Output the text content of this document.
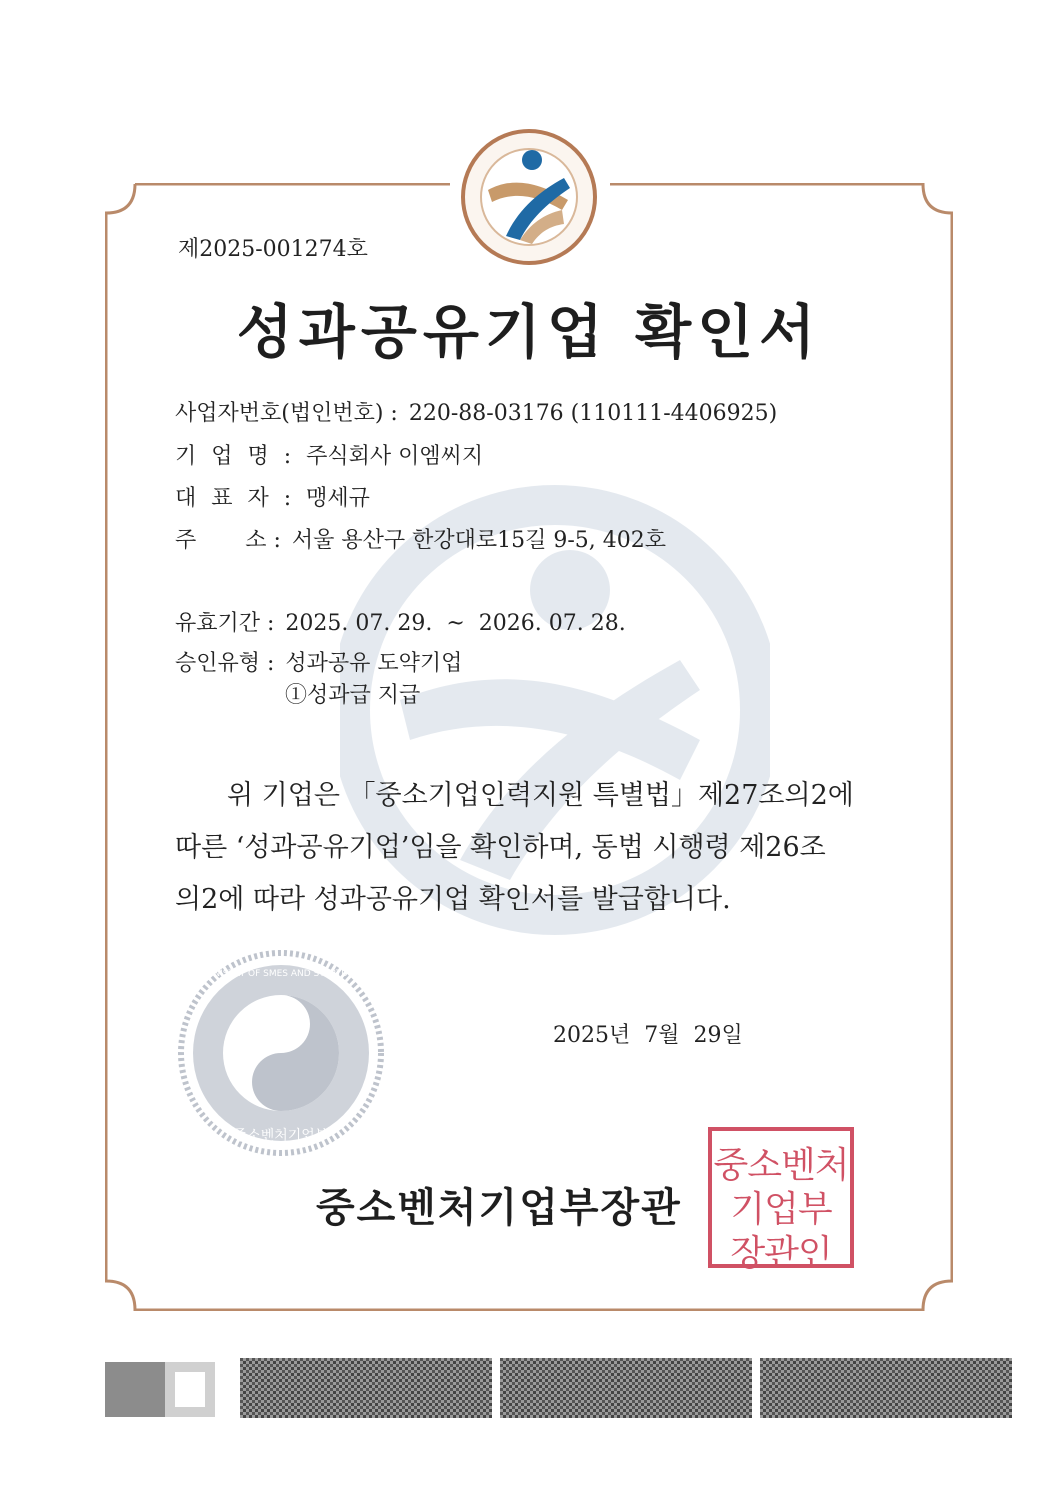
제2025-001274호
성과공유기업 확인서
사업자번호(법인번호) : 220-88-03176 (110111-4406925)
기 업 명 : 주식회사 이엠씨지
대 표 자 : 맹세규
주       소 : 서울 용산구 한강대로15길 9-5, 402호
유효기간 : 2025. 07. 29.  ~  2026. 07. 28.
승인유형 : 성과공유 도약기업
①성과급 지급
위 기업은 「중소기업인력지원 특별법」제27조의2에
따른 ‘성과공유기업’임을 확인하며, 동법 시행령 제26조
의2에 따라 성과공유기업 확인서를 발급합니다.
중소벤처기업부
MINISTRY OF SMES AND STARTUPS
2025년  7월  29일
중소벤처기업부장관
중소벤처
기업부
장관인
